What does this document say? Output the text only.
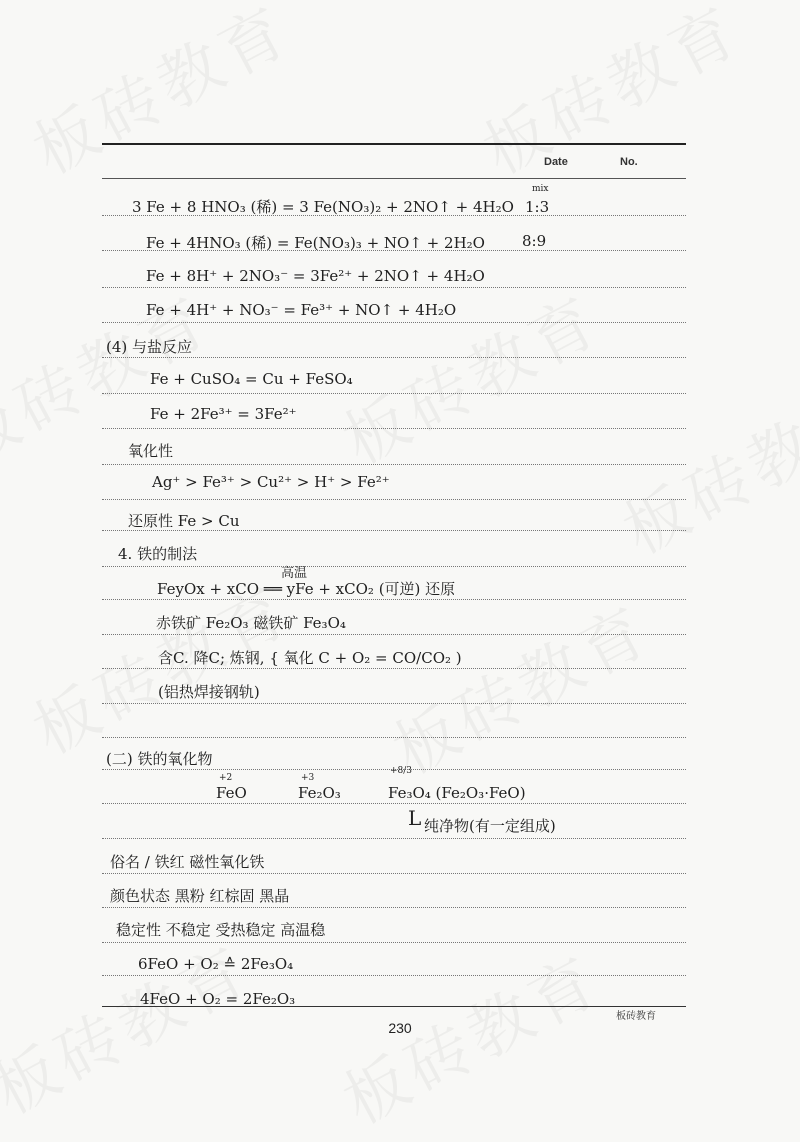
Date	No.
3 Fe + 8 HNO₃ (稀) = 3 Fe(NO₃)₂ + 2NO↑ + 4H₂O
mix
1:3
Fe + 4HNO₃ (稀) = Fe(NO₃)₃ + NO↑ + 2H₂O 8:9
Fe + 8H⁺ + 2NO₃⁻ = 3Fe²⁺ + 2NO↑ + 4H₂O
Fe + 4H⁺ + NO₃⁻ = Fe³⁺ + NO↑ + 4H₂O
(4) 与盐反应
Fe + CuSO₄ = Cu + FeSO₄
Fe + 2Fe³⁺ = 3Fe²⁺
氧化性
Ag⁺ > Fe³⁺ > Cu²⁺ > H⁺ > Fe²⁺
还原性 Fe > Cu
4. 铁的制法
高温
FeyOx + xCO ══ yFe + xCO₂ (可逆) 还原
赤铁矿 Fe₂O₃ 磁铁矿 Fe₃O₄
含C. 降C; 炼钢, { 氧化 C + O₂ = CO/CO₂ )
(铝热焊接钢轨)
(二) 铁的氧化物
+2	+3
+8/3
FeO	Fe₂O₃	Fe₃O₄ (Fe₂O₃·FeO)
L 纯净物(有一定组成)
俗名 / 铁红 磁性氧化铁
颜色状态 黑粉 红棕固 黑晶
稳定性 不稳定 受热稳定 高温稳
6FeO + O₂ ≙ 2Fe₃O₄
4FeO + O₂ = 2Fe₂O₃
板砖教育
230
